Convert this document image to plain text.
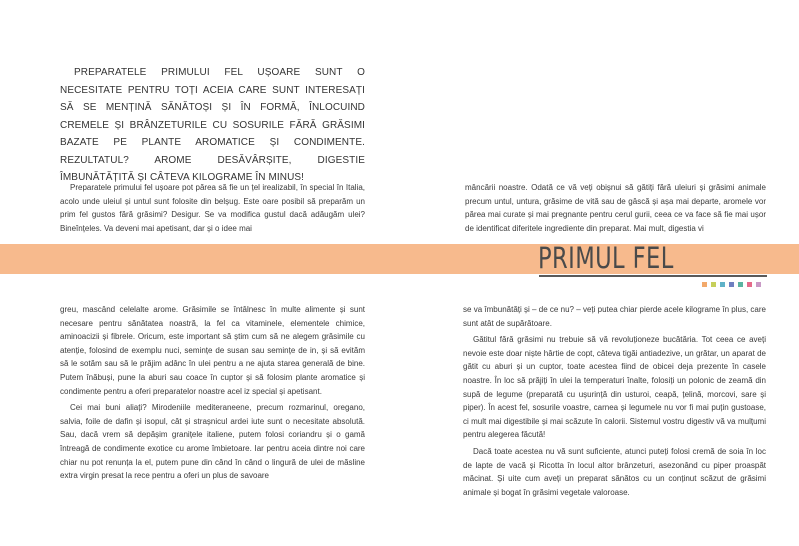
PREPARATELE PRIMULUI FEL UȘOARE SUNT O NECESITATE PENTRU TOȚI ACEIA CARE SUNT INTERESAȚI SĂ SE MENȚINĂ SĂNĂTOȘI ȘI ÎN FORMĂ, ÎNLOCUIND CREMELE ȘI BRÂNZETURILE CU SOSURILE FĂRĂ GRĂSIMI BAZATE PE PLANTE AROMATICE ȘI CONDIMENTE. REZULTATUL? AROME DESĂVÂRȘITE, DIGESTIE ÎMBUNĂTĂȚITĂ ȘI CÂTEVA KILOGRAME ÎN MINUS!

Preparatele primului fel ușoare pot părea să fie un țel irealizabil, în special în Italia, acolo unde uleiul și untul sunt folosite din belșug. Este oare posibil să preparăm un prim fel gustos fără grăsimi? Desigur. Se va modifica gustul dacă adăugăm ulei? Bineînțeles. Va deveni mai apetisant, dar și o idee mai

mâncării noastre. Odată ce vă veți obișnui să gătiți fără uleiuri și grăsimi animale precum untul, untura, grăsime de vită sau de gâscă și așa mai departe, aromele vor părea mai curate și mai pregnante pentru cerul gurii, ceea ce va face să fie mai ușor de identificat diferitele ingrediente din preparat. Mai mult, digestia vi

PRIMUL FEL

greu, mascând celelalte arome. Grăsimile se întâlnesc în multe alimente și sunt necesare pentru sănătatea noastră, la fel ca vitaminele, elementele chimice, aminoacizii și fibrele. Oricum, este important să știm cum să ne alegem grăsimile cu atenție, folosind de exemplu nuci, semințe de susan sau semințe de in, și să evităm să le sotăm sau să le prăjim adânc în ulei pentru a ne ajuta starea generală de bine. Putem înăbuși, pune la aburi sau coace în cuptor și să folosim plante aromatice și condimente pentru a oferi preparatelor noastre acel iz special și apetisant.

Cei mai buni aliați? Mirodeniile mediteraneene, precum rozmarinul, oregano, salvia, foile de dafin și isopul, cât și strașnicul ardei iute sunt o necesitate absolută. Sau, dacă vrem să depășim granițele italiene, putem folosi coriandru și o gamă întreagă de condimente exotice cu aromе îmbietoare. Iar pentru aceia dintre noi care chiar nu pot renunța la el, putem pune din când în când o lingură de ulei de măsline extra virgin presat la rece pentru a oferi un plus de savoare

se va îmbunătăți și – de ce nu? – veți putea chiar pierde acele kilograme în plus, care sunt atât de supărătoare.

Gătitul fără grăsimi nu trebuie să vă revoluționeze bucătăria. Tot ceea ce aveți nevoie este doar niște hârtie de copt, câteva tigăi antiadezive, un grătar, un aparat de gătit cu aburi și un cuptor, toate acestea fiind de obicei deja prezente în casele noastre. În loc să prăjiți în ulei la temperaturi înalte, folosiți un polonic de zeamă din supă de legume (preparată cu ușurință din usturoi, ceapă, țelină, morcovi, sare și piper). În acest fel, sosurile voastre, carnea și legumele nu vor fi mai puțin gustoase, ci mult mai digestibile și mai scăzute în calorii. Sistemul vostru digestiv vă va mulțumi pentru alegerea făcută!

Dacă toate acestea nu vă sunt suficiente, atunci puteți folosi cremă de soia în loc de lapte de vacă și Ricotta în locul altor brânzeturi, asezonând cu piper proaspăt măcinat. Și uite cum aveți un preparat sănătos cu un conținut scăzut de grăsimi animale și bogat în grăsimi vegetale valoroase.
